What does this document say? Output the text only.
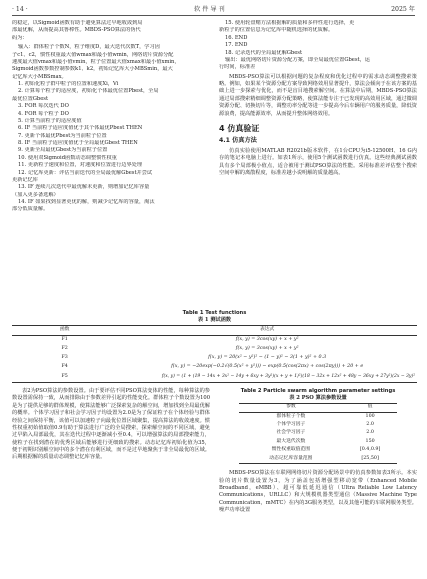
· 14 ·	软 件 导 刊	2025 年
的稳定，以Sigmoid函数有助于避免算法过早地收敛到局
部最优解，从而提高其鲁棒性。MBDS-PSO算法的伪代
码为：
输入：群体粒子个数N，粒子维度D，最大迭代次数T，学习因
子c1、c2，惯性权重最大值wmax和最小值wmin，网络切片资源分配
速度最大值vmax和最小值vmin，粒子位置最大值xmax和最小值xmin，
Sigmoid函数参数控制参数k1、k2，初始记忆库大小MBSmin，最大
记忆库大小MBSmax。
1. 初始化粒子群中粒子的位置和速度Xi，Vi
2. 计算每个粒子的适应度，初始化个体最优位置Pbest，全局
最优位置Gbest
3. FOR 每次迭代 DO
4. FOR 每个粒子 DO
5. 计算当前粒子的适应度值
6. IF 当前粒子适应度值优于其个体最优Pbest THEN
7. 更新个体最优Pbest为当前粒子位置
8. IF 当前粒子适应度值优于全局最优Gbest THEN
9. 更新全局最优Gbest为当前粒子位置
10. 使用双Sigmoid函数动态调整惯性权重
11. 更新粒子速度和位置，对速度和位置进行边界处理
12. 记忆库更新：评估当前迭代的全局最优解Gbest并尝试
更新记忆库
13. IF 连续几次迭代中最优解未更新，则增加记忆库容量
（加入更多备选解）
14. IF 如果找到显著更优的解，则减少记忆库的容量，淘汰
部分低质量解。
15. 使用轮盘赌方法根据解的质量和多样性进行选择，更
新粒子的位置信息为记忆库中随机选择的优质解。
16. END
17. END
18. 记录迭代的全局最优解Gbest
输出：最优网络切片资源分配方案，即全局最优位置Gbest，运
行时间，标准差

MBDS-PSO算法可以根据问题的复杂程度和优化过程中的需求动态调整搜索策略。例如，如果某个资源分配方案导致网络效用显著提升，算法会倾向于在该方案的基础上进一步探索与优化，而不是盲目地搜索解空间。在算法中后期，MBDS-PSO算法通过局部搜索精细调整资源分配策略，使算法能专注于已发现的高效用区域，通过微调资源分配、切换切片等，调整功率分配等进一步提高今后车辆用户的服务质量，降低资源浪费，提高能源效率，从而提升整体网络效用。

4 仿真验证
4.1 仿真方法

仿真实验使用MATLAB R2021b版本软件，在1台CPU为i5-12500H、16 G内存的笔记本电脑上进行。如表1所示，使用5个测试函数进行仿真。这些经典测试函数具有多个局部极小值点，适合被用于测试PSO算法的性能。采用标准差评估整个搜索空间中解的离散程度，标准差越小说明解的质量越高。

Table 1 Test functions
表 1 测试函数
函数	表达式
F1	f(x, y) = 3cos(xy) + x + y²
F2	f(x, y) = 3cos(xy) + x + y²
F3	f(x, y) = 20(x² − y²)² − (1 − y)² − 3(1 + y)² + 0.3
F4	f(x, y) = −20exp(−0.2√(0.5(x² + y²))) − exp(0.5(cos(2πx) + cos(2πy))) + 20 + e
F5	f(x, y) = (1 + (19 − 14x + 3x² − 14y + 6xy + 3y²)(x + y + 1)²)(18 − 32x + 12x² + 48y − 36xy + 27y²)(2x − 3y)²

表2为PSO算法的参数设置。由于要评估不同PSO算法变体的性能，每种算法的参数设置需保持一致，从而排除由于参数差异引起的性能变化。群体粒子个数设置为100是为了提供足够的群体规模，使算法能够广泛探索复杂的解空间，增加找到全局最优解的概率。个体学习因子和社会学习因子均设置为2.0是为了保证粒子在个体经验与群体经验之间保持平衡，该值可以加速粒子向最优位置区域聚集，提高算法的收敛速度。惯性权重初始值取值0.9有助于算法进行广泛的全局搜索，探索解空间的不同区域，避免过早陷入局部最优，其在迭代过程中逐渐减小至0.4，可以增强算法的局部搜索能力，使粒子在找到潜在的优秀区域后能够进行更细致的搜索。动态记忆库初始化值为35，便于初期识别解空间中的多个潜在有利区域，而不是过早地聚焦于非全局最优的区域。后期根据解的质量动态调整记忆库容量。

Table 2 Particle swarm algorithm parameter settings
表 2 PSO 算法参数设置
参数	值
群体粒子个数	100
个体学习因子	2.0
社会学习因子	2.0
最大迭代次数	150
惯性权重取值范围	[0.4,0.9]
动态记忆库容量范围	[25,50]

MBDS-PSO算法在车联网网络切片资源分配场景中的仿真参数如表3所示。本实验的切片数量设置为3，为了涵盖包括增强型移动宽带（Enhanced Mobile Broadband，eMBB）、超可靠低延迟通信（Ultra Reliable Low Latency Communications，URLLC）和大规模机器类型通信（Massive Machine Type Communication，mMTC）在内的3G服务类型，以及其他可能的车联网服务类型。噪声功率设置
